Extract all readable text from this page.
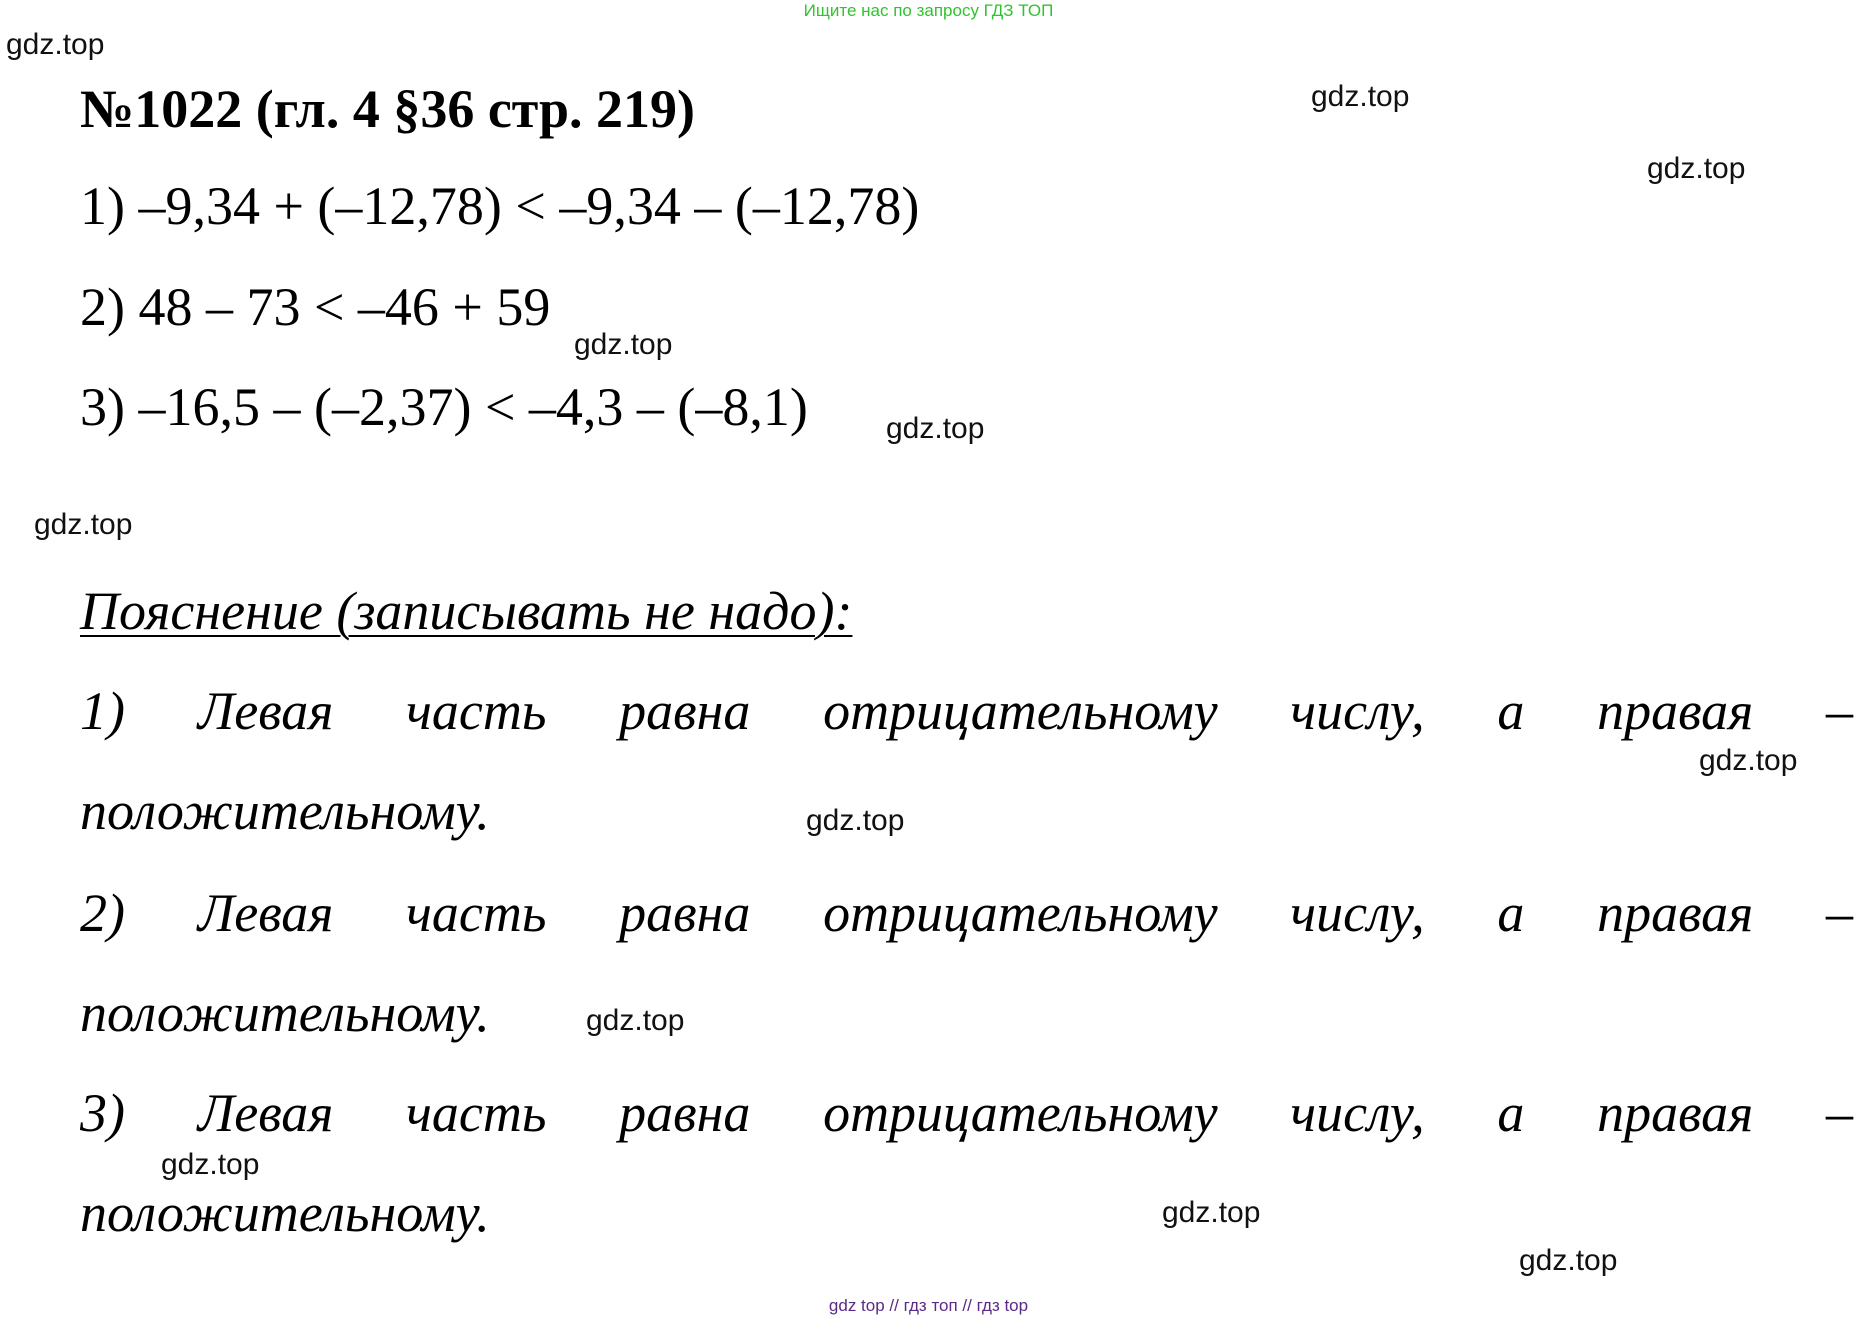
Ищите нас по запросу ГДЗ ТОП
№1022 (гл. 4 §36 стр. 219)
1) –9,34 + (–12,78) < –9,34 – (–12,78)
2) 48 – 73 < –46 + 59
3) –16,5 – (–2,37) < –4,3 – (–8,1)
Пояснение (записывать не надо):
1) Левая часть равна отрицательному числу, а правая –
положительному.
2) Левая часть равна отрицательному числу, а правая –
положительному.
3) Левая часть равна отрицательному числу, а правая –
положительному.
gdz.top
gdz.top
gdz.top
gdz.top
gdz.top
gdz.top
gdz.top
gdz.top
gdz.top
gdz.top
gdz.top
gdz.top
gdz top // гдз топ // гдз top
